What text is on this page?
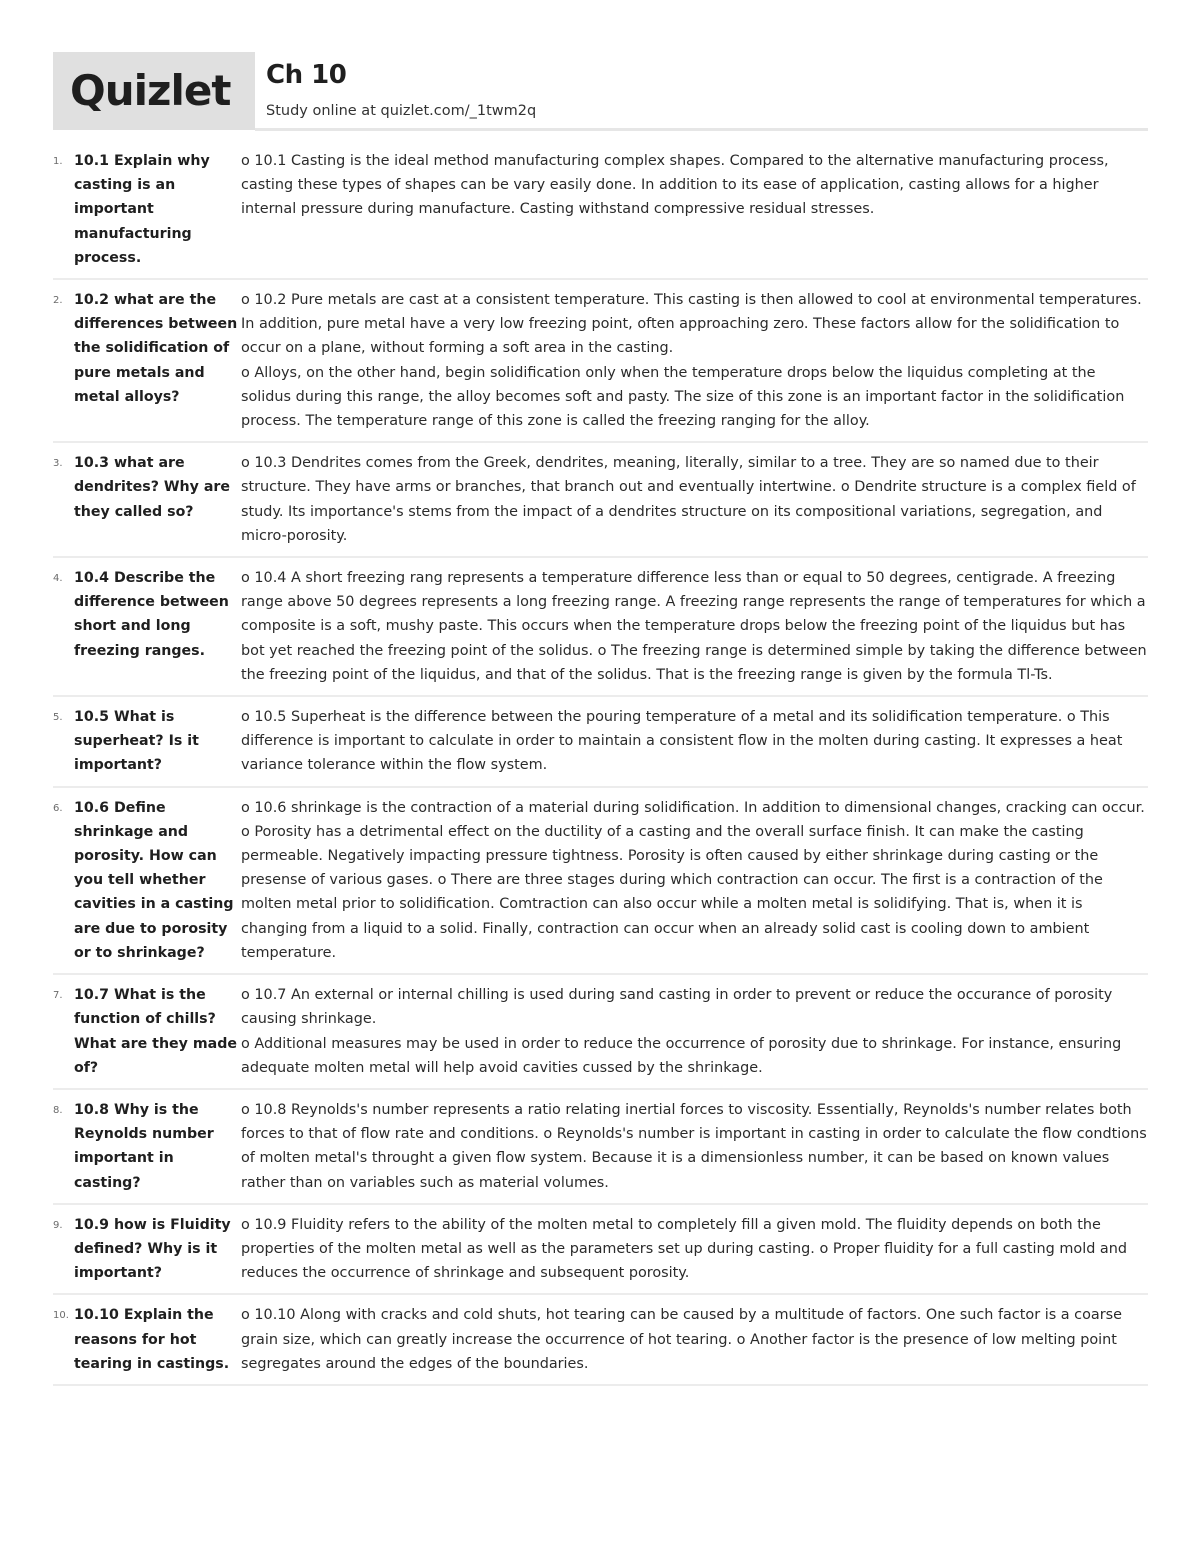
Quizlet Ch 10
Study online at quizlet.com/_1twm2q
1. 10.1 Explain why casting is an important manufacturing process.
o 10.1 Casting is the ideal method manufacturing complex shapes. Compared to the alternative manufacturing process, casting these types of shapes can be vary easily done. In addition to its ease of application, casting allows for a higher internal pressure during manufacture. Casting withstand compressive residual stresses.
2. 10.2 what are the differences between the solidification of pure metals and metal alloys?
o 10.2 Pure metals are cast at a consistent temperature. This casting is then allowed to cool at environmental temperatures. In addition, pure metal have a very low freezing point, often approaching zero. These factors allow for the solidification to occur on a plane, without forming a soft area in the casting.
o Alloys, on the other hand, begin solidification only when the temperature drops below the liquidus completing at the solidus during this range, the alloy becomes soft and pasty. The size of this zone is an important factor in the solidification process. The temperature range of this zone is called the freezing ranging for the alloy.
3. 10.3 what are dendrites? Why are they called so?
o 10.3 Dendrites comes from the Greek, dendrites, meaning, literally, similar to a tree. They are so named due to their structure. They have arms or branches, that branch out and eventually intertwine. o Dendrite structure is a complex field of study. Its importance's stems from the impact of a dendrites structure on its compositional variations, segregation, and micro-porosity.
4. 10.4 Describe the difference between short and long freezing ranges.
o 10.4 A short freezing rang represents a temperature difference less than or equal to 50 degrees, centigrade. A freezing range above 50 degrees represents a long freezing range. A freezing range represents the range of temperatures for which a composite is a soft, mushy paste. This occurs when the temperature drops below the freezing point of the liquidus but has bot yet reached the freezing point of the solidus. o The freezing range is determined simple by taking the difference between the freezing point of the liquidus, and that of the solidus. That is the freezing range is given by the formula Tl-Ts.
5. 10.5 What is superheat? Is it important?
o 10.5 Superheat is the difference between the pouring temperature of a metal and its solidification temperature. o This difference is important to calculate in order to maintain a consistent flow in the molten during casting. It expresses a heat variance tolerance within the flow system.
6. 10.6 Define shrinkage and porosity. How can you tell whether cavities in a casting are due to porosity or to shrinkage?
o 10.6 shrinkage is the contraction of a material during solidification. In addition to dimensional changes, cracking can occur. o Porosity has a detrimental effect on the ductility of a casting and the overall surface finish. It can make the casting permeable. Negatively impacting pressure tightness. Porosity is often caused by either shrinkage during casting or the presense of various gases. o There are three stages during which contraction can occur. The first is a contraction of the molten metal prior to solidification. Comtraction can also occur while a molten metal is solidifying. That is, when it is changing from a liquid to a solid. Finally, contraction can occur when an already solid cast is cooling down to ambient temperature.
7. 10.7 What is the function of chills? What are they made of?
o 10.7 An external or internal chilling is used during sand casting in order to prevent or reduce the occurance of porosity causing shrinkage.
o Additional measures may be used in order to reduce the occurrence of porosity due to shrinkage. For instance, ensuring adequate molten metal will help avoid cavities cussed by the shrinkage.
8. 10.8 Why is the Reynolds number important in casting?
o 10.8 Reynolds's number represents a ratio relating inertial forces to viscosity. Essentially, Reynolds's number relates both forces to that of flow rate and conditions. o Reynolds's number is important in casting in order to calculate the flow condtions of molten metal's throught a given flow system. Because it is a dimensionless number, it can be based on known values rather than on variables such as material volumes.
9. 10.9 how is Fluidity defined? Why is it important?
o 10.9 Fluidity refers to the ability of the molten metal to completely fill a given mold. The fluidity depends on both the properties of the molten metal as well as the parameters set up during casting. o Proper fluidity for a full casting mold and reduces the occurrence of shrinkage and subsequent porosity.
10. 10.10 Explain the reasons for hot tearing in castings.
o 10.10 Along with cracks and cold shuts, hot tearing can be caused by a multitude of factors. One such factor is a coarse grain size, which can greatly increase the occurrence of hot tearing. o Another factor is the presence of low melting point segregates around the edges of the boundaries.
